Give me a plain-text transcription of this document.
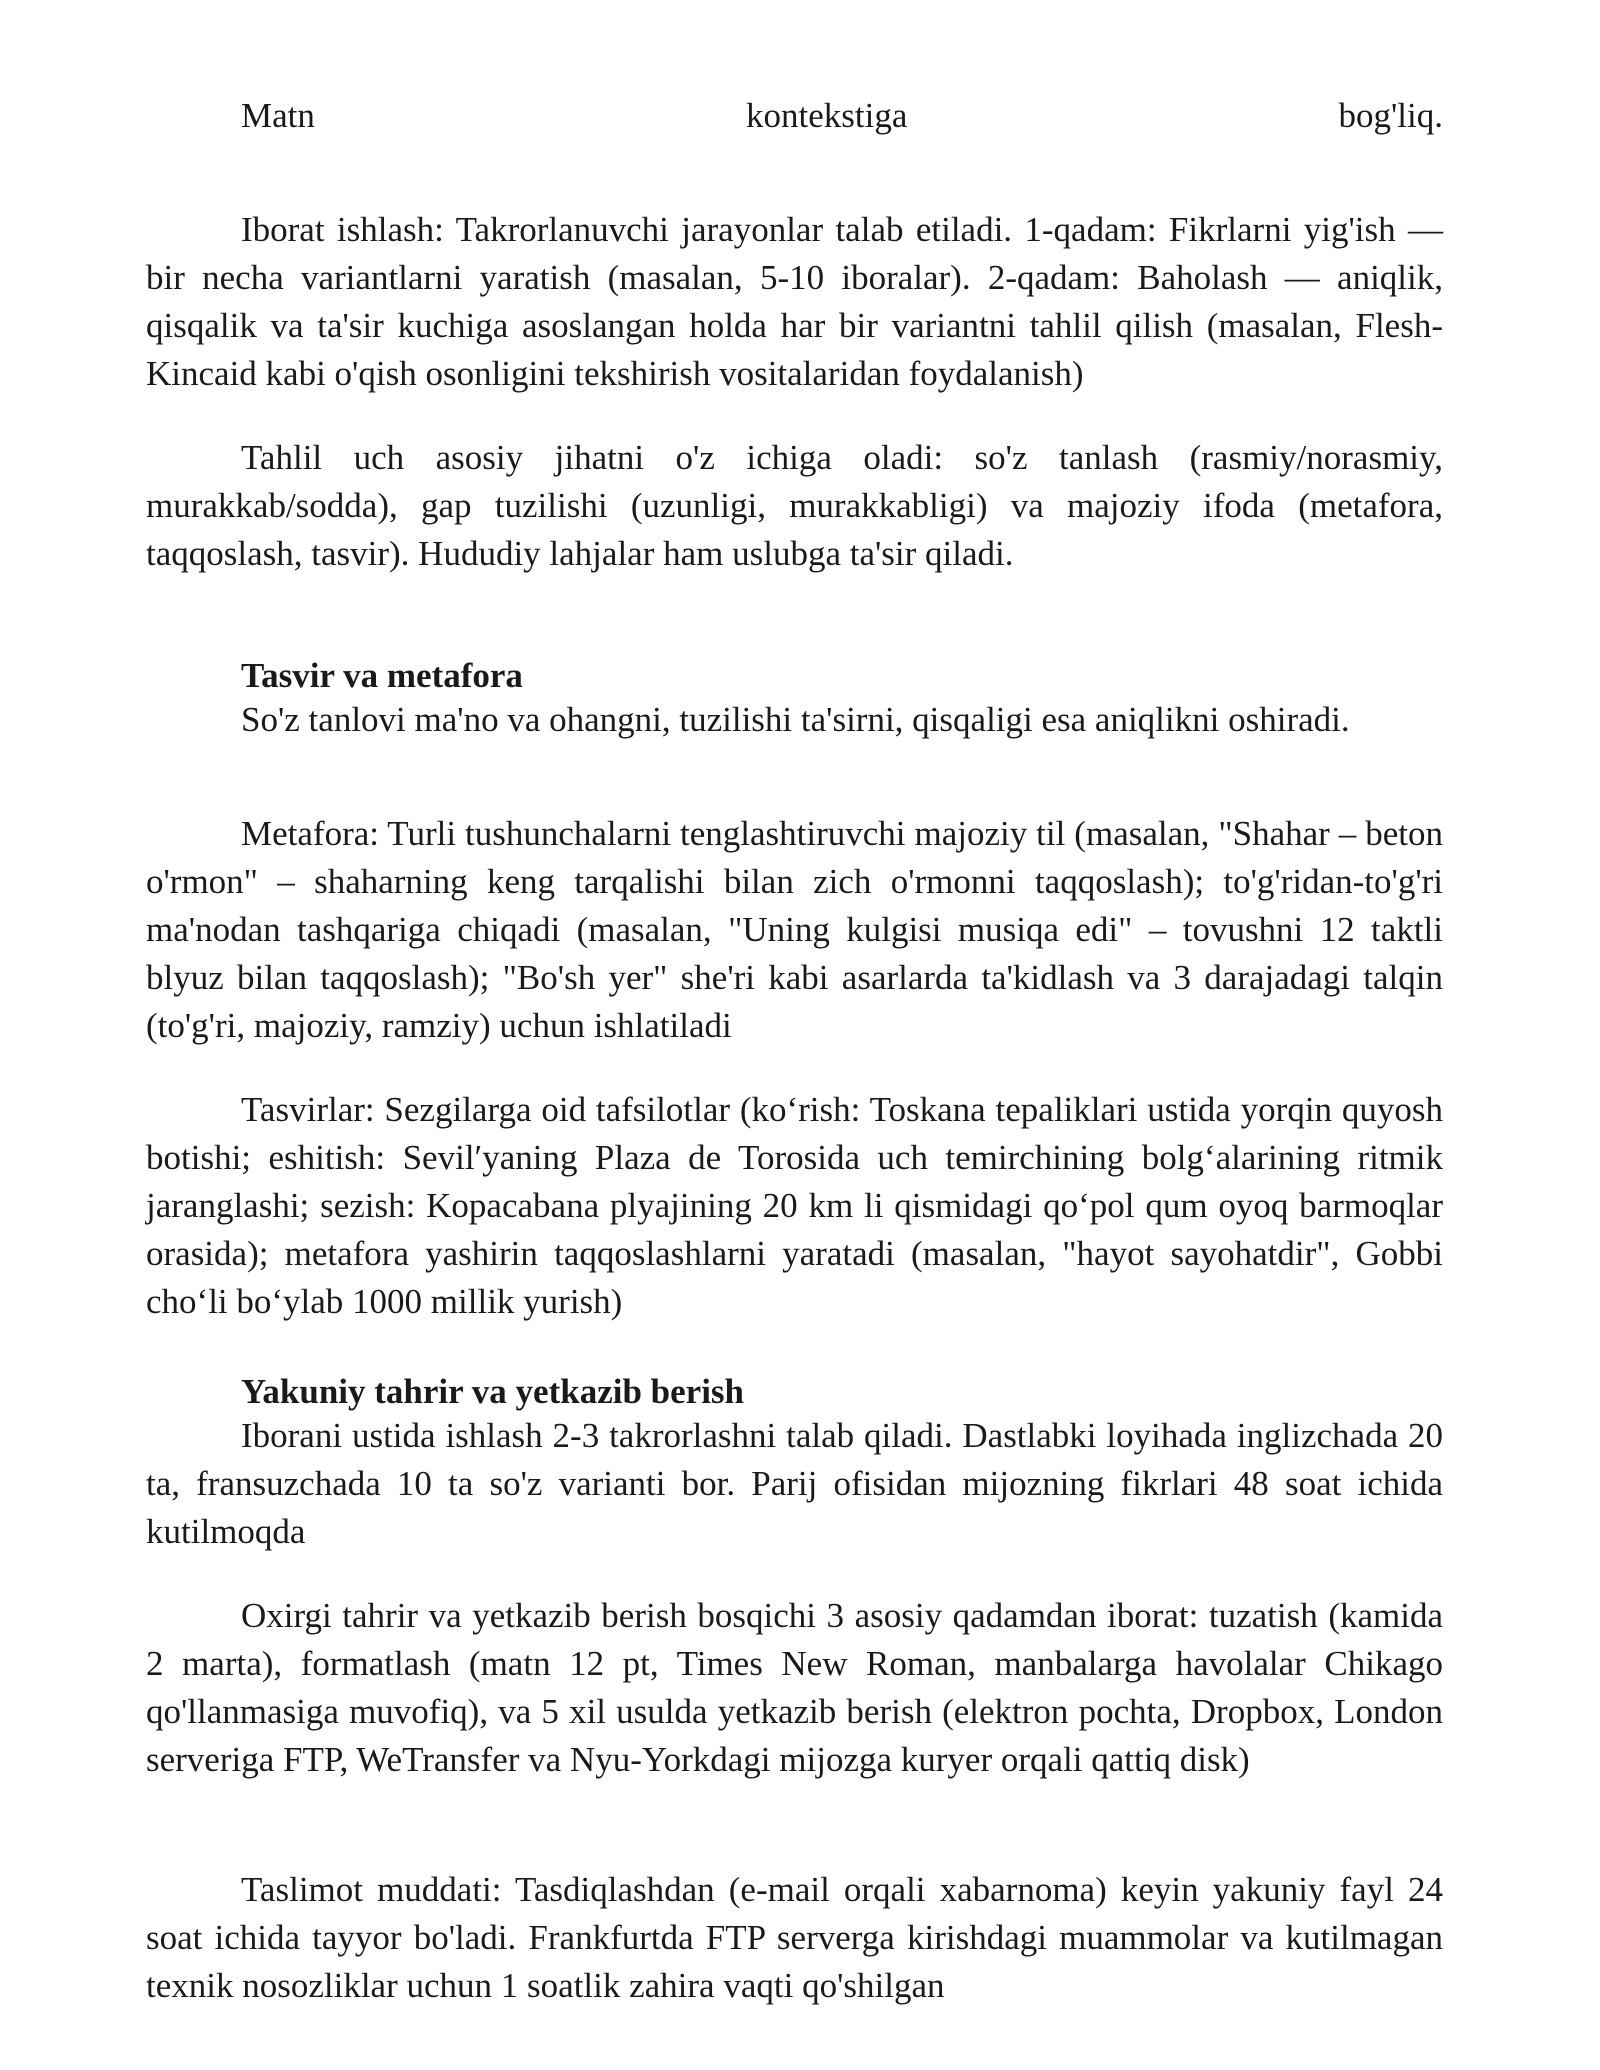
Matn	kontekstiga	bog'liq.

Iborat ishlash: Takrorlanuvchi jarayonlar talab etiladi. 1-qadam: Fikrlarni yig'ish — bir necha variantlarni yaratish (masalan, 5-10 iboralar). 2-qadam: Baholash — aniqlik, qisqalik va ta'sir kuchiga asoslangan holda har bir variantni tahlil qilish (masalan, Flesh-Kincaid kabi o'qish osonligini tekshirish vositalaridan foydalanish)

Tahlil uch asosiy jihatni o'z ichiga oladi: so'z tanlash (rasmiy/norasmiy, murakkab/sodda), gap tuzilishi (uzunligi, murakkabligi) va majoziy ifoda (metafora, taqqoslash, tasvir). Hududiy lahjalar ham uslubga ta'sir qiladi.

Tasvir va metafora

So'z tanlovi ma'no va ohangni, tuzilishi ta'sirni, qisqaligi esa aniqlikni oshiradi.

Metafora: Turli tushunchalarni tenglashtiruvchi majoziy til (masalan, "Shahar – beton o'rmon" – shaharning keng tarqalishi bilan zich o'rmonni taqqoslash); to'g'ridan-to'g'ri ma'nodan tashqariga chiqadi (masalan, "Uning kulgisi musiqa edi" – tovushni 12 taktli blyuz bilan taqqoslash); "Bo'sh yer" she'ri kabi asarlarda ta'kidlash va 3 darajadagi talqin (to'g'ri, majoziy, ramziy) uchun ishlatiladi

Tasvirlar: Sezgilarga oid tafsilotlar (ko‘rish: Toskana tepaliklari ustida yorqin quyosh botishi; eshitish: Sevil′yaning Plaza de Torosida uch temirchining bolg‘alarining ritmik jaranglashi; sezish: Kopacabana plyajining 20 km li qismidagi qo‘pol qum oyoq barmoqlar orasida); metafora yashirin taqqoslashlarni yaratadi (masalan, "hayot sayohatdir", Gobbi cho‘li bo‘ylab 1000 millik yurish)

Yakuniy tahrir va yetkazib berish

Iborani ustida ishlash 2-3 takrorlashni talab qiladi. Dastlabki loyihada inglizchada 20 ta, fransuzchada 10 ta so'z varianti bor. Parij ofisidan mijozning fikrlari 48 soat ichida kutilmoqda

Oxirgi tahrir va yetkazib berish bosqichi 3 asosiy qadamdan iborat: tuzatish (kamida 2 marta), formatlash (matn 12 pt, Times New Roman, manbalarga havolalar Chikago qo'llanmasiga muvofiq), va 5 xil usulda yetkazib berish (elektron pochta, Dropbox, London serveriga FTP, WeTransfer va Nyu-Yorkdagi mijozga kuryer orqali qattiq disk)

Taslimot muddati: Tasdiqlashdan (e-mail orqali xabarnoma) keyin yakuniy fayl 24 soat ichida tayyor bo'ladi. Frankfurtda FTP serverga kirishdagi muammolar va kutilmagan texnik nosozliklar uchun 1 soatlik zahira vaqti qo'shilgan
